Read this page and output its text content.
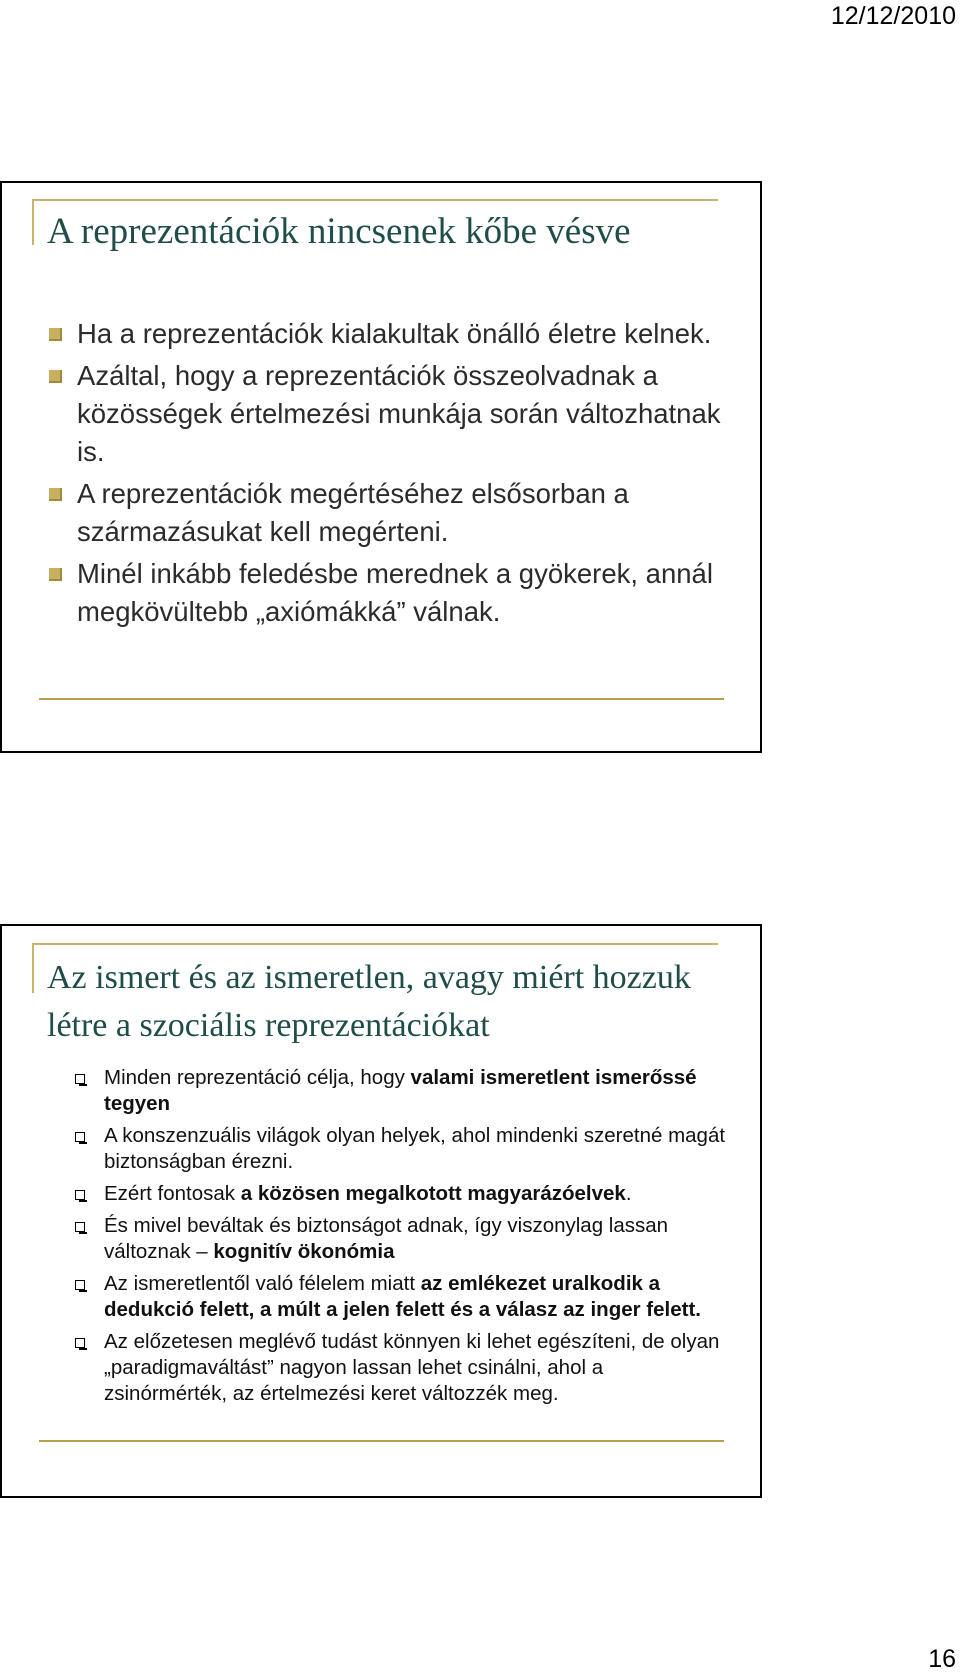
12/12/2010
A reprezentációk nincsenek kőbe vésve
Ha a reprezentációk kialakultak önálló életre kelnek.
Azáltal, hogy a reprezentációk összeolvadnak a közösségek értelmezési munkája során változhatnak is.
A reprezentációk megértéséhez elsősorban a származásukat kell megérteni.
Minél inkább feledésbe merednek a gyökerek, annál megkövültebb „axiómákká” válnak.
Az ismert és az ismeretlen, avagy miért hozzuk létre a szociális reprezentációkat
Minden reprezentáció célja, hogy valami ismeretlent ismerőssé tegyen
A konszenzuális világok olyan helyek, ahol mindenki szeretné magát biztonságban érezni.
Ezért fontosak a közösen megalkotott magyarázóelvek.
És mivel beváltak és biztonságot adnak, így viszonylag lassan változnak – kognitív ökonómia
Az ismeretlentől való félelem miatt az emlékezet uralkodik a dedukció felett, a múlt a jelen felett és a válasz az inger felett.
Az előzetesen meglévő tudást könnyen ki lehet egészíteni, de olyan „paradigmaváltást” nagyon lassan lehet csinálni, ahol a zsinórmérték, az értelmezési keret változzék meg.
16
